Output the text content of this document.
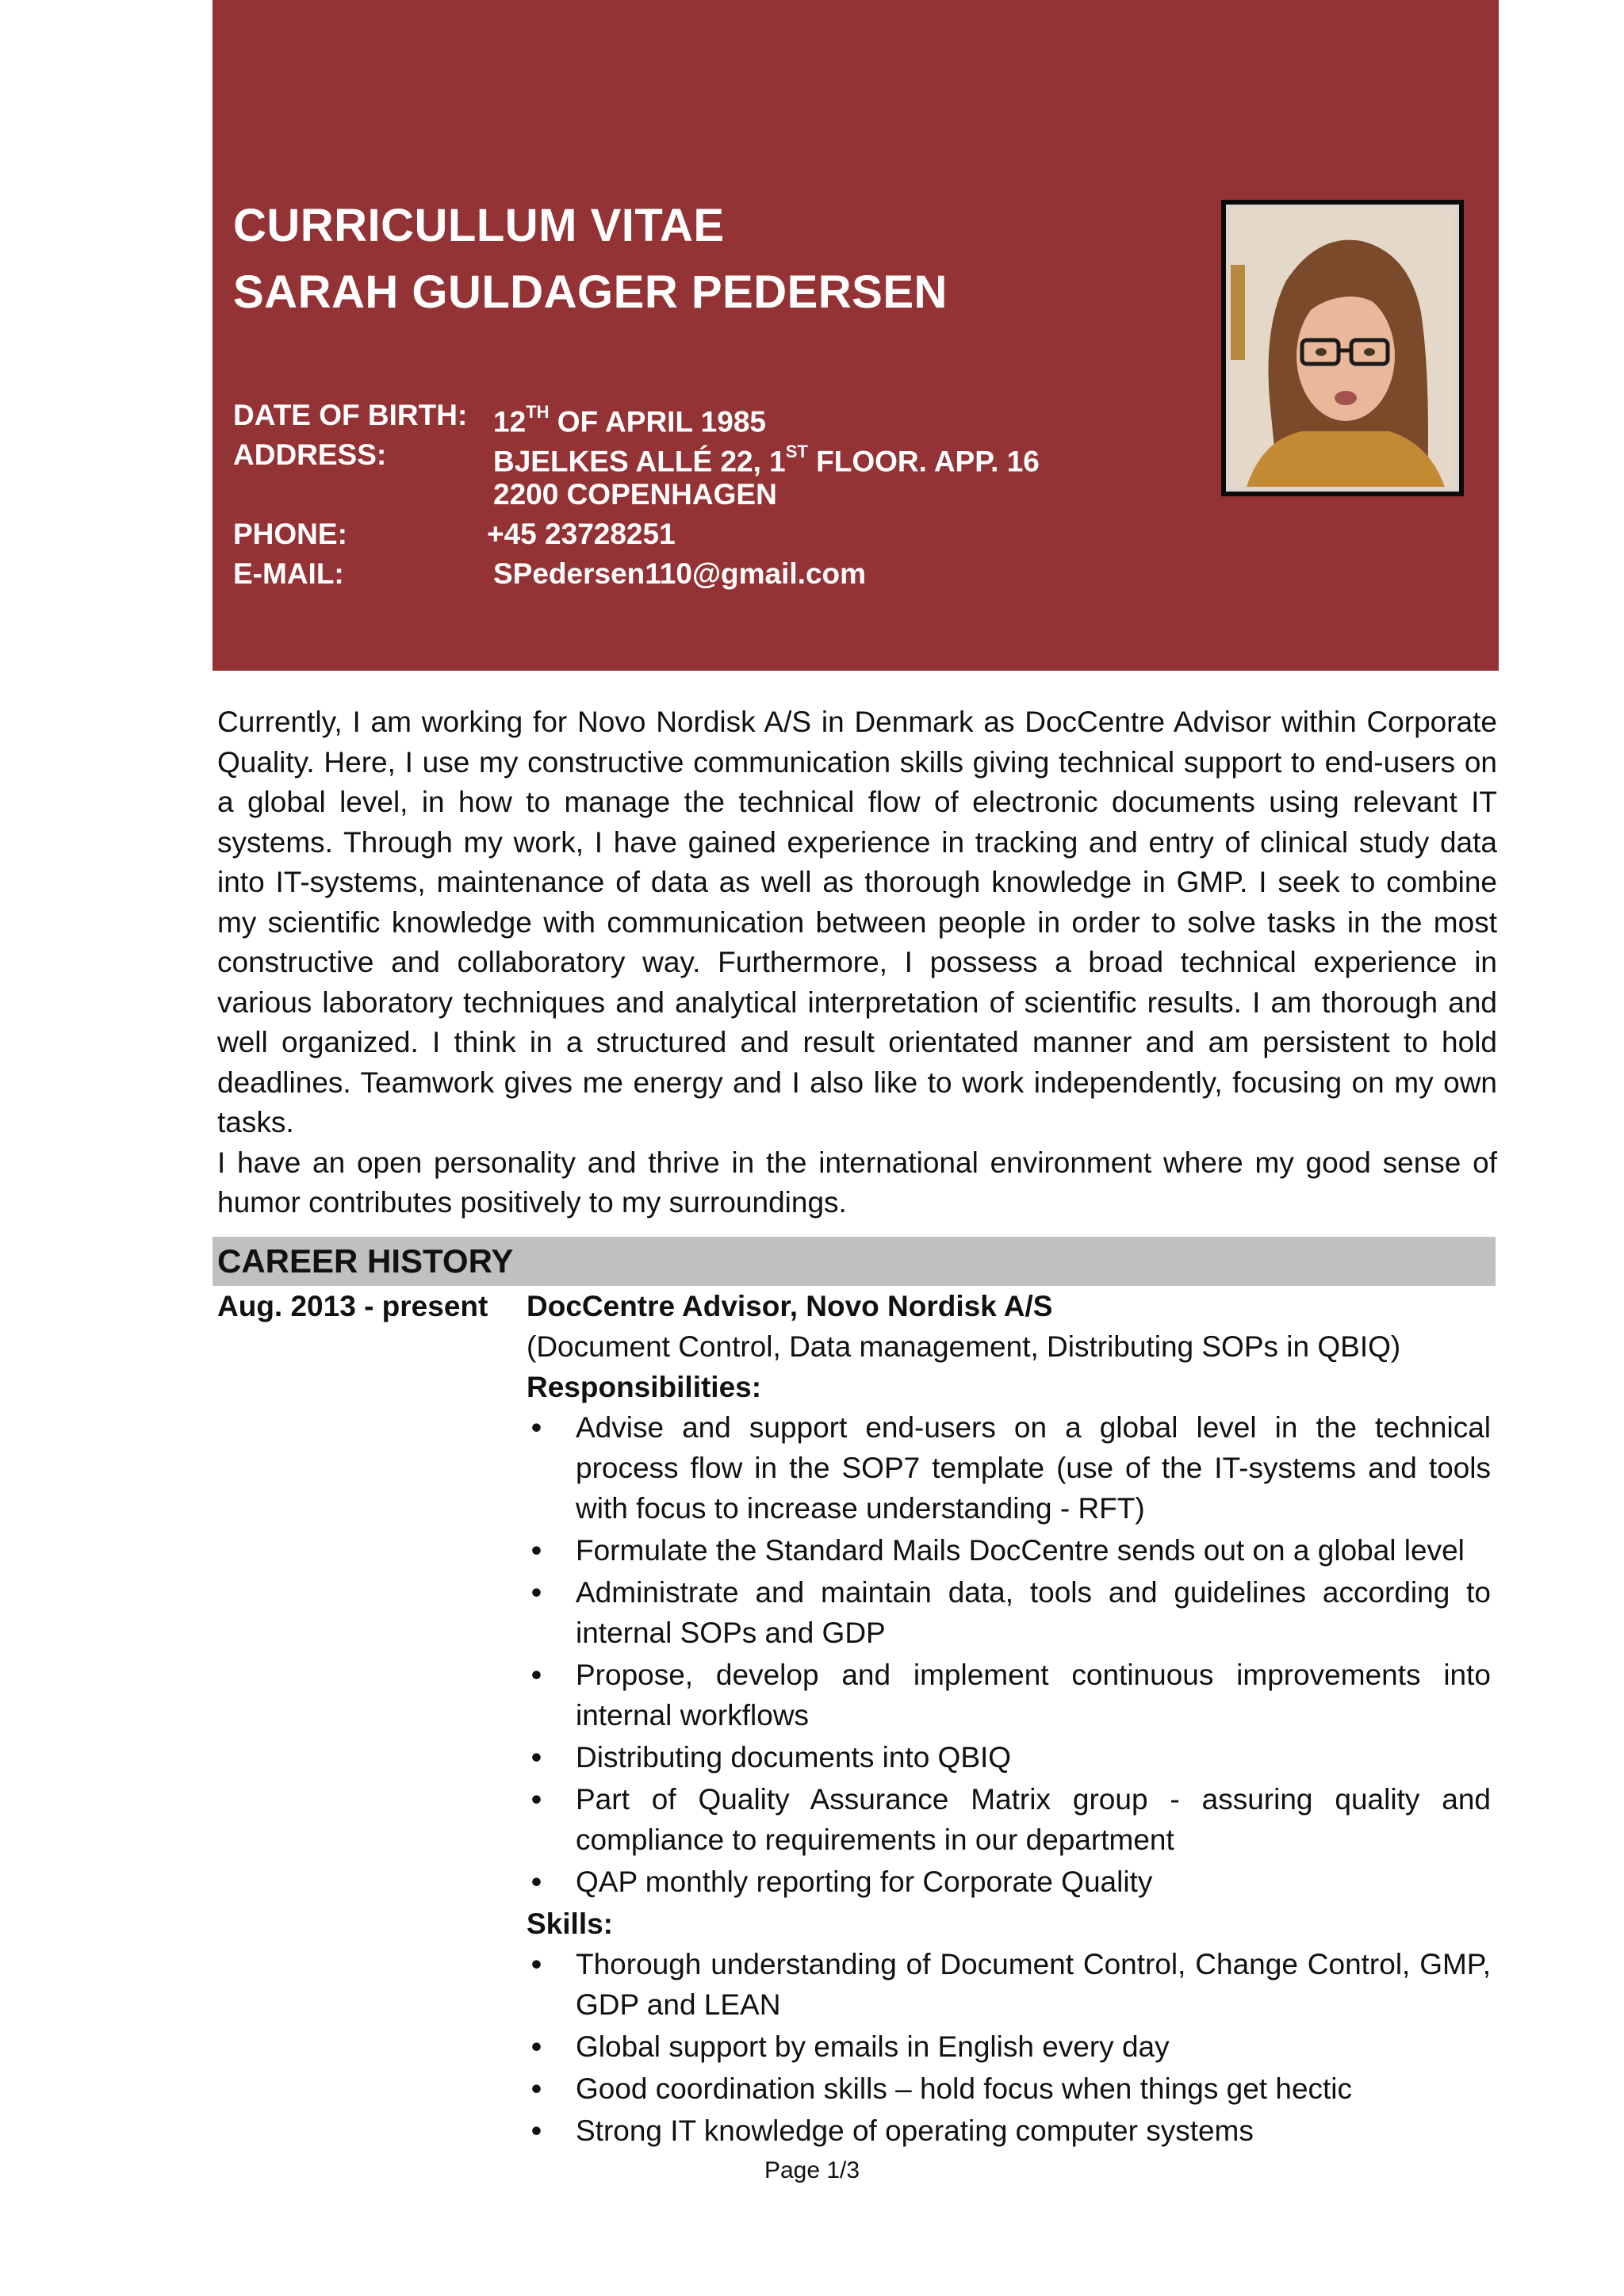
CURRICULLUM VITAE
SARAH GULDAGER PEDERSEN
DATE OF BIRTH: 12TH OF APRIL 1985
ADDRESS:	BJELKES ALLÉ 22, 1ST FLOOR. APP. 16
2200 COPENHAGEN
PHONE:	+45 23728251
E-MAIL:	SPedersen110@gmail.com

Currently, I am working for Novo Nordisk A/S in Denmark as DocCentre Advisor within Corporate Quality. Here, I use my constructive communication skills giving technical support to end-users on a global level, in how to manage the technical flow of electronic documents using relevant IT systems. Through my work, I have gained experience in tracking and entry of clinical study data into IT-systems, maintenance of data as well as thorough knowledge in GMP. I seek to combine my scientific knowledge with communication between people in order to solve tasks in the most constructive and collaboratory way. Furthermore, I possess a broad technical experience in various laboratory techniques and analytical interpretation of scientific results. I am thorough and well organized. I think in a structured and result orientated manner and am persistent to hold deadlines. Teamwork gives me energy and I also like to work independently, focusing on my own tasks.

I have an open personality and thrive in the international environment where my good sense of humor contributes positively to my surroundings.

CAREER HISTORY
Aug. 2013 - present DocCentre Advisor, Novo Nordisk A/S
(Document Control, Data management, Distributing SOPs in QBIQ)
Responsibilities:
• Advise and support end-users on a global level in the technical process flow in the SOP7 template (use of the IT-systems and tools with focus to increase understanding - RFT)
• Formulate the Standard Mails DocCentre sends out on a global level
• Administrate and maintain data, tools and guidelines according to internal SOPs and GDP
• Propose, develop and implement continuous improvements into internal workflows
• Distributing documents into QBIQ
• Part of Quality Assurance Matrix group - assuring quality and compliance to requirements in our department
• QAP monthly reporting for Corporate Quality
Skills:
• Thorough understanding of Document Control, Change Control, GMP, GDP and LEAN
• Global support by emails in English every day
• Good coordination skills – hold focus when things get hectic
• Strong IT knowledge of operating computer systems
Page 1/3
